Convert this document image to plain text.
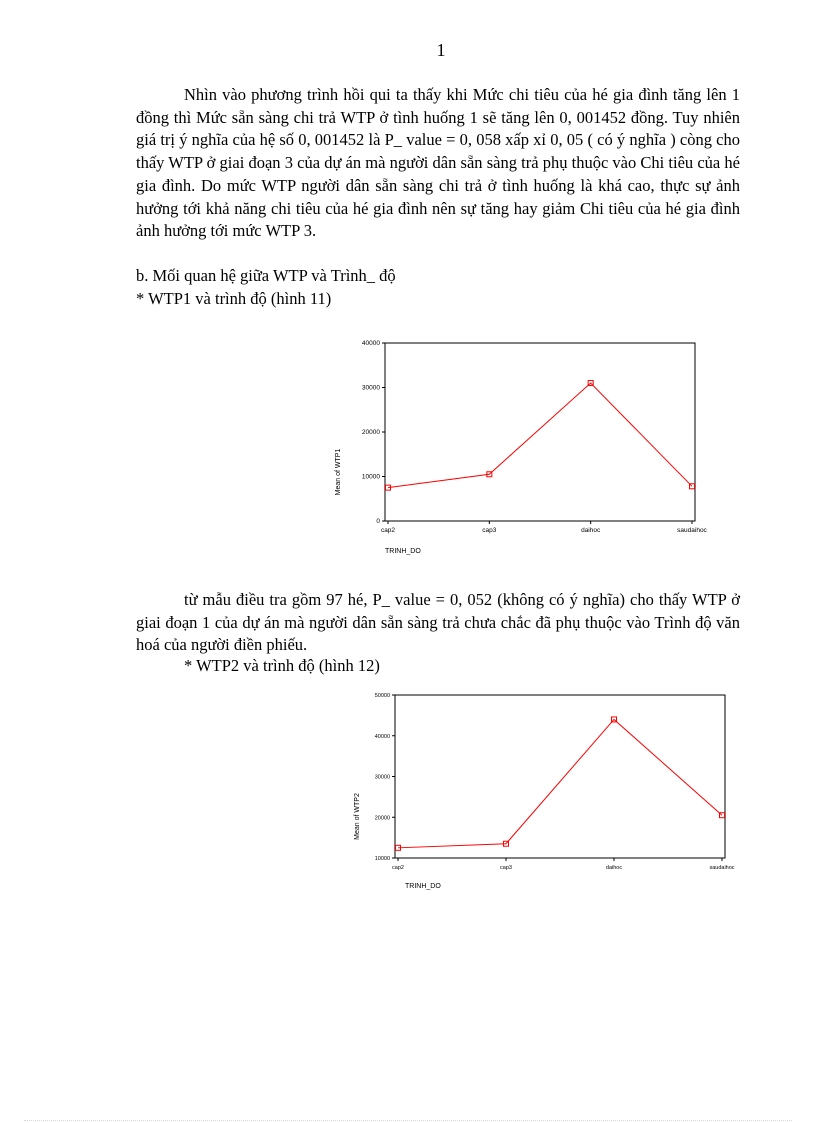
1

Nhìn vào phương trình hồi qui ta thấy khi Mức chi tiêu của hé gia đình tăng lên 1 đồng thì Mức sẵn sàng chi trả WTP ở tình huống 1 sẽ tăng lên 0, 001452 đồng. Tuy nhiên giá trị ý nghĩa của hệ số 0, 001452 là P_ value = 0, 058 xấp xỉ 0, 05 ( có ý nghĩa ) còng cho thấy WTP ở giai đoạn 3 của dự án mà người dân sẵn sàng trả phụ thuộc vào Chi tiêu của hé gia đình. Do mức WTP người dân sẵn sàng chi trả ở tình huống là khá cao, thực sự ảnh hưởng tới khả năng chi tiêu của hé gia đình nên sự tăng hay giảm Chi tiêu của hé gia đình ảnh hưởng tới mức WTP 3.

b. Mối quan hệ giữa WTP và Trình_ độ

* WTP1 và trình độ (hình 11)

0
10000
20000
30000
40000
cap2	cap3	daihoc	saudaihoc
Mean of WTP1
TRINH_DO

từ mẫu điều tra gồm 97 hé, P_ value = 0, 052 (không có ý nghĩa) cho thấy WTP ở giai đoạn 1 của dự án mà người dân sẵn sàng trả chưa chắc đã phụ thuộc vào Trình độ văn hoá của người điền phiếu.

* WTP2 và trình độ (hình 12)

10000
20000
30000
40000
50000
cap2	cap3	daihoc	saudaihoc
Mean of WTP2
TRINH_DO
